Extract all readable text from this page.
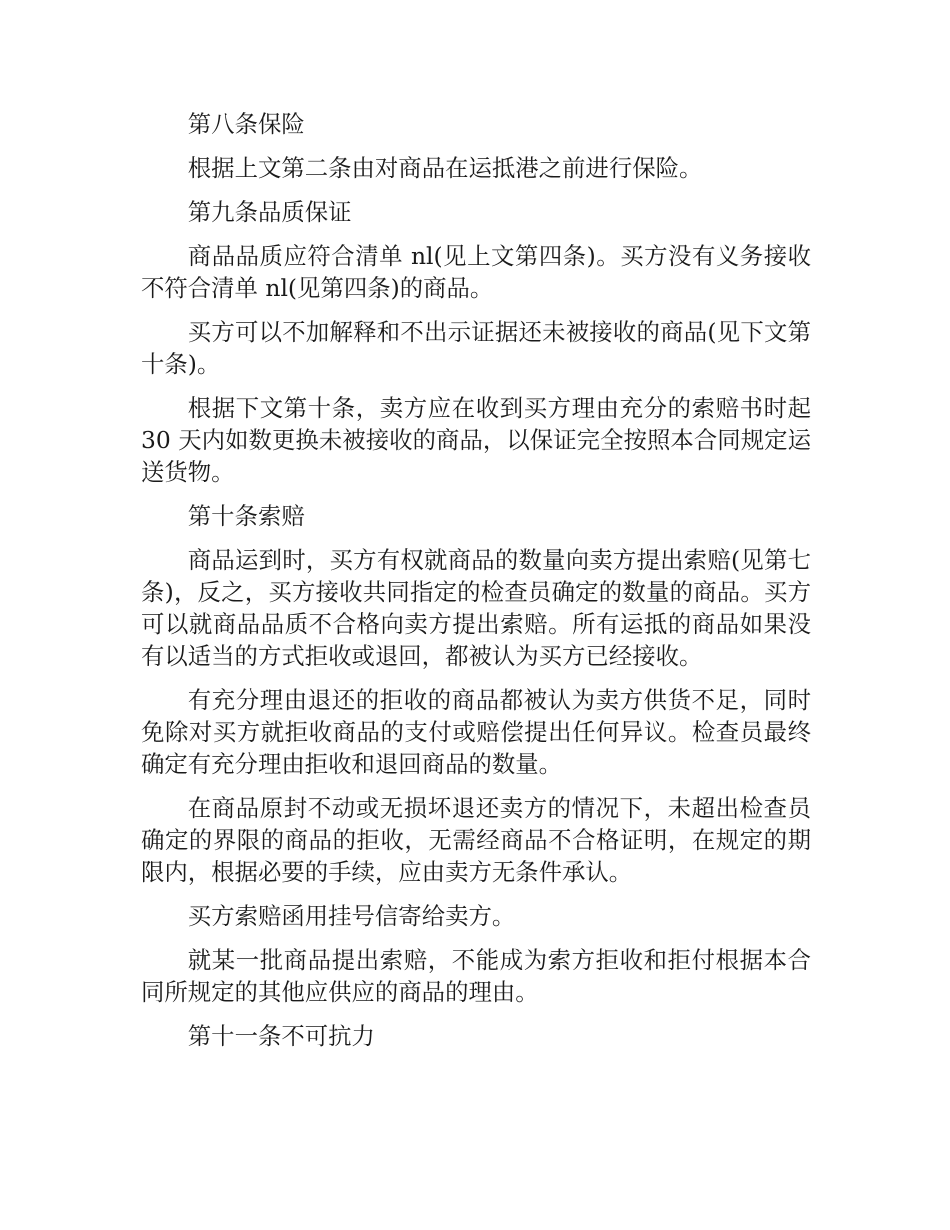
第八条保险

根据上文第二条由对商品在运抵港之前进行保险。

第九条品质保证

商品品质应符合清单 nl(见上文第四条)。买方没有义务接收不符合清单 nl(见第四条)的商品。

买方可以不加解释和不出示证据还未被接收的商品(见下文第十条)。

根据下文第十条，卖方应在收到买方理由充分的索赔书时起 30 天内如数更换未被接收的商品，以保证完全按照本合同规定运送货物。

第十条索赔

商品运到时，买方有权就商品的数量向卖方提出索赔(见第七条)，反之，买方接收共同指定的检查员确定的数量的商品。买方可以就商品品质不合格向卖方提出索赔。所有运抵的商品如果没有以适当的方式拒收或退回，都被认为买方已经接收。

有充分理由退还的拒收的商品都被认为卖方供货不足，同时免除对买方就拒收商品的支付或赔偿提出任何异议。检查员最终确定有充分理由拒收和退回商品的数量。

在商品原封不动或无损坏退还卖方的情况下，未超出检查员确定的界限的商品的拒收，无需经商品不合格证明，在规定的期限内，根据必要的手续，应由卖方无条件承认。

买方索赔函用挂号信寄给卖方。

就某一批商品提出索赔，不能成为索方拒收和拒付根据本合同所规定的其他应供应的商品的理由。

第十一条不可抗力
